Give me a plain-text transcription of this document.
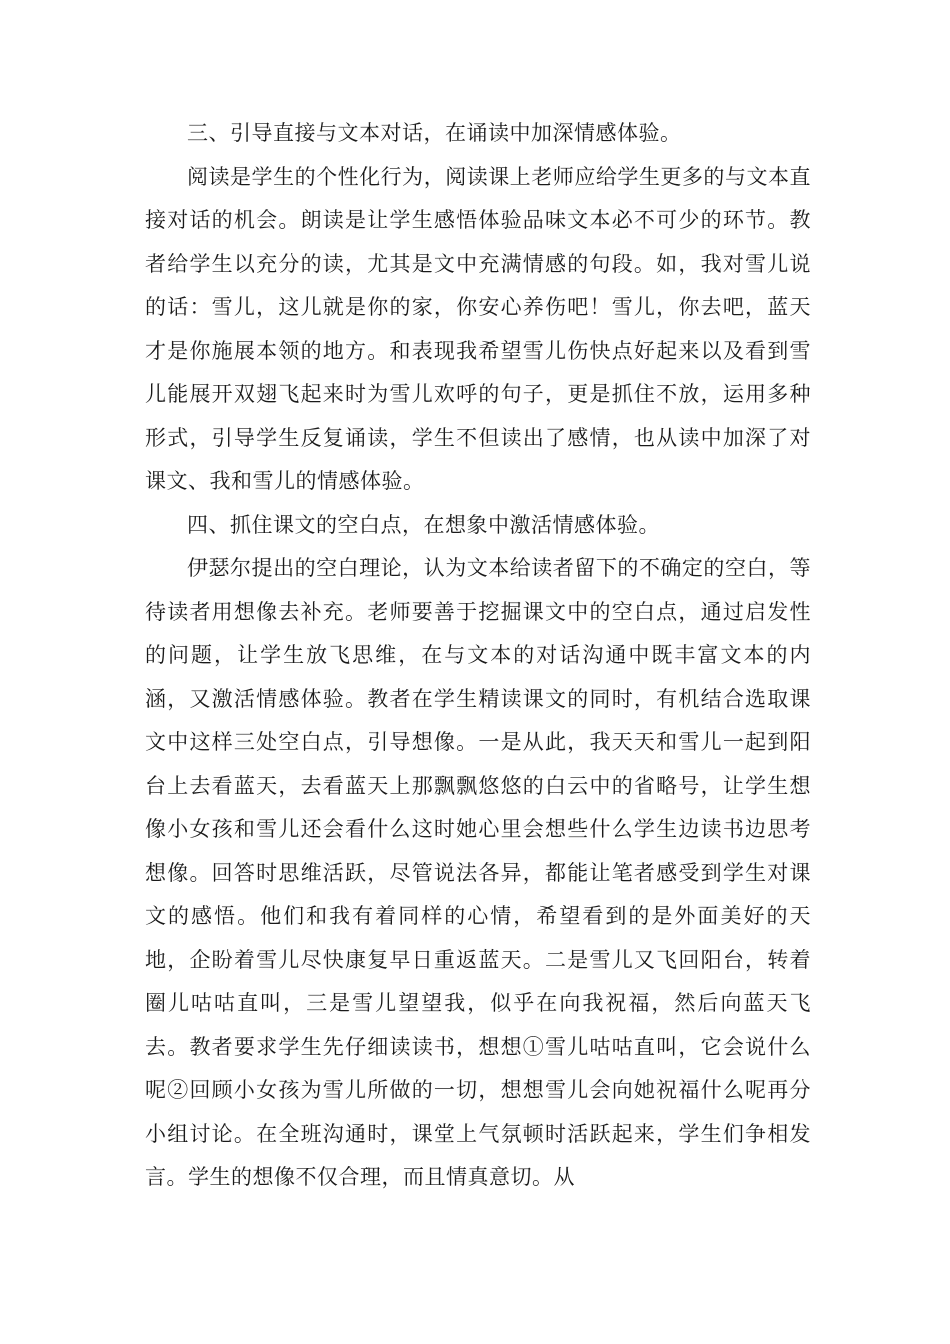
三、引导直接与文本对话，在诵读中加深情感体验。

阅读是学生的个性化行为，阅读课上老师应给学生更多的与文本直接对话的机会。朗读是让学生感悟体验品味文本必不可少的环节。教者给学生以充分的读，尤其是文中充满情感的句段。如，我对雪儿说的话：雪儿，这儿就是你的家，你安心养伤吧！雪儿，你去吧，蓝天才是你施展本领的地方。和表现我希望雪儿伤快点好起来以及看到雪儿能展开双翅飞起来时为雪儿欢呼的句子，更是抓住不放，运用多种形式，引导学生反复诵读，学生不但读出了感情，也从读中加深了对课文、我和雪儿的情感体验。

四、抓住课文的空白点，在想象中激活情感体验。

伊瑟尔提出的空白理论，认为文本给读者留下的不确定的空白，等待读者用想像去补充。老师要善于挖掘课文中的空白点，通过启发性的问题，让学生放飞思维，在与文本的对话沟通中既丰富文本的内涵，又激活情感体验。教者在学生精读课文的同时，有机结合选取课文中这样三处空白点，引导想像。一是从此，我天天和雪儿一起到阳台上去看蓝天，去看蓝天上那飘飘悠悠的白云中的省略号，让学生想像小女孩和雪儿还会看什么这时她心里会想些什么学生边读书边思考想像。回答时思维活跃，尽管说法各异，都能让笔者感受到学生对课文的感悟。他们和我有着同样的心情，希望看到的是外面美好的天地，企盼着雪儿尽快康复早日重返蓝天。二是雪儿又飞回阳台，转着圈儿咕咕直叫，三是雪儿望望我，似乎在向我祝福，然后向蓝天飞去。教者要求学生先仔细读读书，想想①雪儿咕咕直叫，它会说什么呢②回顾小女孩为雪儿所做的一切，想想雪儿会向她祝福什么呢再分小组讨论。在全班沟通时，课堂上气氛顿时活跃起来，学生们争相发言。学生的想像不仅合理，而且情真意切。从
